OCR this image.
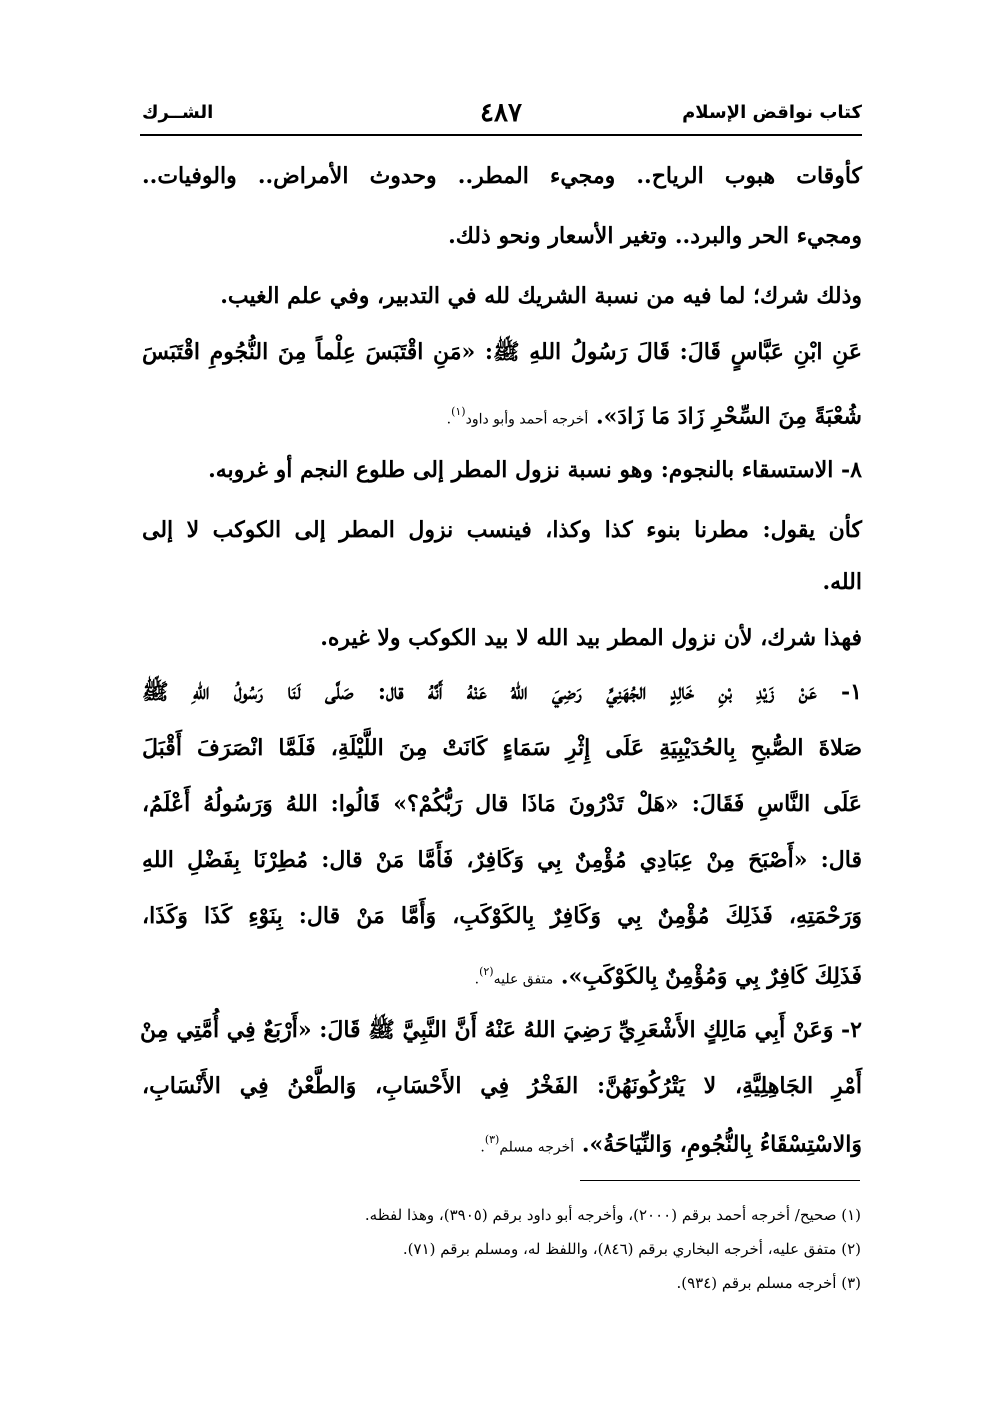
كتاب نواقض الإسلام
٤٨٧
الشــرك
كأوقات هبوب الرياح.. ومجيء المطر.. وحدوث الأمراض.. والوفيات..
ومجيء الحر والبرد.. وتغير الأسعار ونحو ذلك.
وذلك شرك؛ لما فيه من نسبة الشريك لله في التدبير، وفي علم الغيب.
عَنِ ابْنِ عَبَّاسٍ قَالَ: قَالَ رَسُولُ اللهِ ﷺ: «مَنِ اقْتَبَسَ عِلْماً مِنَ النُّجُومِ اقْتَبَسَ
شُعْبَةً مِنَ السِّحْرِ زَادَ مَا زَادَ». أخرجه أحمد وأبو داود$^{(١)}$.
٨- الاستسقاء بالنجوم: وهو نسبة نزول المطر إلى طلوع النجم أو غروبه.
كأن يقول: مطرنا بنوء كذا وكذا، فينسب نزول المطر إلى الكوكب لا إلى
الله.
فهذا شرك، لأن نزول المطر بيد الله لا بيد الكوكب ولا غيره.
١- عَنْ زَيْدِ بْنِ خَالِدٍ الجُهَنِيِّ رَضِيَ اللهُ عَنْهُ أَنَّهُ قال: صَلَّى لَنَا رَسُولُ اللهِ ﷺ
صَلاةَ الصُّبحِ بِالحُدَيْبِيَةِ عَلَى إِثْرِ سَمَاءٍ كَانَتْ مِنَ اللَّيْلَةِ، فَلَمَّا انْصَرَفَ أَقْبَلَ
عَلَى النَّاسِ فَقَالَ: «هَلْ تَدْرُونَ مَاذَا قال رَبُّكُمْ؟» قَالُوا: اللهُ وَرَسُولُهُ أَعْلَمُ،
قال: «أَصْبَحَ مِنْ عِبَادِي مُؤْمِنٌ بِي وَكَافِرٌ، فَأَمَّا مَنْ قال: مُطِرْنَا بِفَضْلِ اللهِ
وَرَحْمَتِهِ، فَذَلِكَ مُؤْمِنٌ بِي وَكَافِرٌ بِالكَوْكَبِ، وَأَمَّا مَنْ قال: بِنَوْءِ كَذَا وَكَذَا،
فَذَلِكَ كَافِرٌ بِي وَمُؤْمِنٌ بِالكَوْكَبِ». متفق عليه$^{(٢)}$.
٢- وَعَنْ أَبِي مَالِكٍ الأَشْعَرِيِّ رَضِيَ اللهُ عَنْهُ أَنَّ النَّبِيَّ ﷺ قَالَ: «أَرْبَعٌ فِي أُمَّتِي مِنْ
أَمْرِ الجَاهِلِيَّةِ، لا يَتْرُكُونَهُنَّ: الفَخْرُ فِي الأَحْسَابِ، وَالطَّعْنُ فِي الأَنْسَابِ،
وَالاسْتِسْقَاءُ بِالنُّجُومِ، وَالنِّيَاحَةُ». أخرجه مسلم$^{(٣)}$.
(١) صحيح/ أخرجه أحمد برقم (٢٠٠٠)، وأخرجه أبو داود برقم (٣٩٠٥)، وهذا لفظه.
(٢) متفق عليه، أخرجه البخاري برقم (٨٤٦)، واللفظ له، ومسلم برقم (٧١).
(٣) أخرجه مسلم برقم (٩٣٤).
